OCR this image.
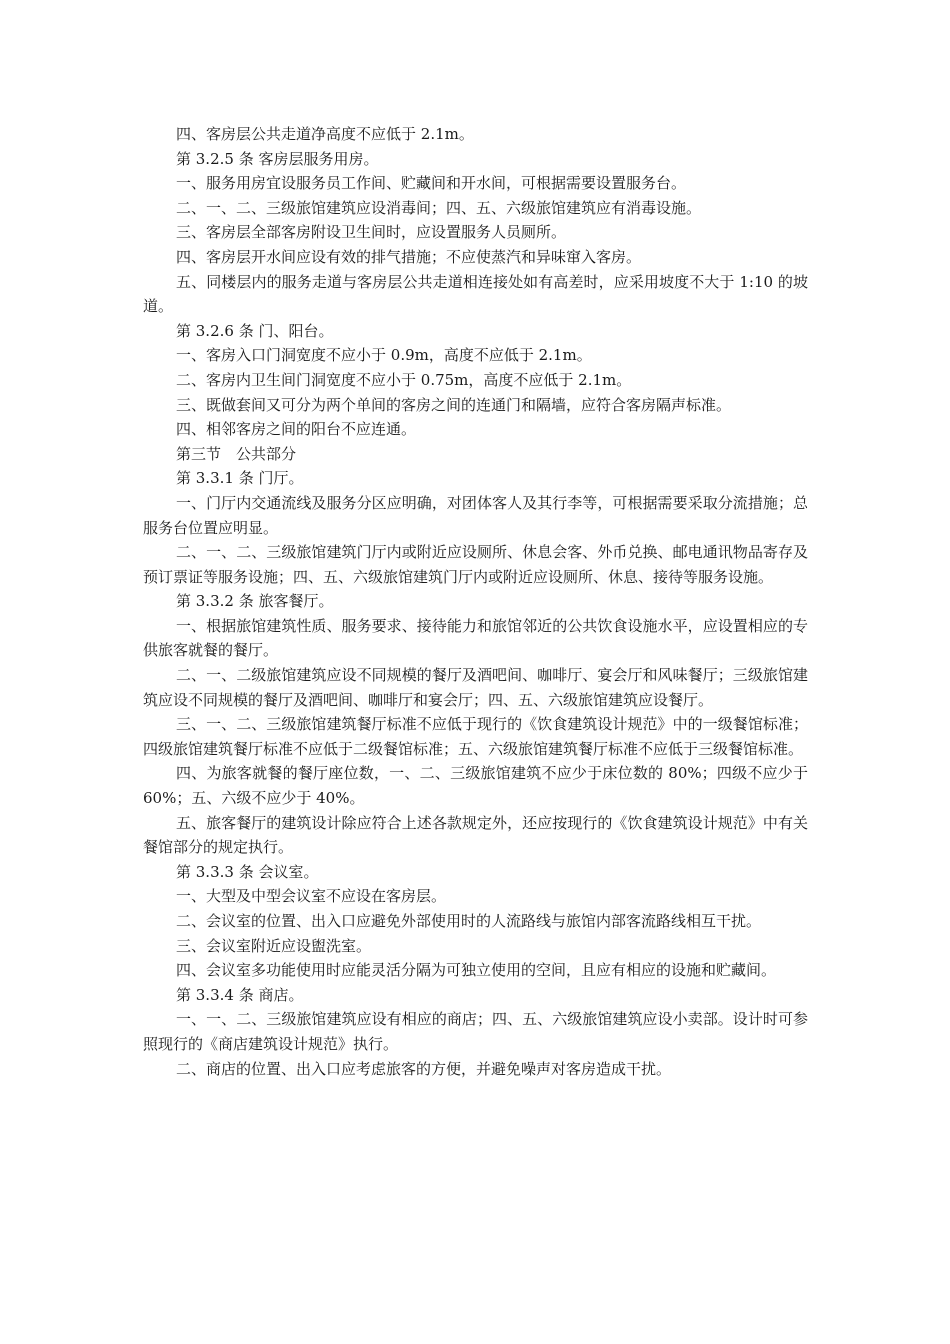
四、客房层公共走道净高度不应低于 2.1m。

第 3.2.5 条 客房层服务用房。

一、服务用房宜设服务员工作间、贮藏间和开水间，可根据需要设置服务台。

二、一、二、三级旅馆建筑应设消毒间；四、五、六级旅馆建筑应有消毒设施。

三、客房层全部客房附设卫生间时，应设置服务人员厕所。

四、客房层开水间应设有效的排气措施；不应使蒸汽和异味窜入客房。

五、同楼层内的服务走道与客房层公共走道相连接处如有高差时，应采用坡度不大于 1:10 的坡道。

第 3.2.6 条 门、阳台。

一、客房入口门洞宽度不应小于 0.9m，高度不应低于 2.1m。

二、客房内卫生间门洞宽度不应小于 0.75m，高度不应低于 2.1m。

三、既做套间又可分为两个单间的客房之间的连通门和隔墙，应符合客房隔声标准。

四、相邻客房之间的阳台不应连通。

第三节　公共部分

第 3.3.1 条 门厅。

一、门厅内交通流线及服务分区应明确，对团体客人及其行李等，可根据需要采取分流措施；总服务台位置应明显。

二、一、二、三级旅馆建筑门厅内或附近应设厕所、休息会客、外币兑换、邮电通讯物品寄存及预订票证等服务设施；四、五、六级旅馆建筑门厅内或附近应设厕所、休息、接待等服务设施。

第 3.3.2 条 旅客餐厅。

一、根据旅馆建筑性质、服务要求、接待能力和旅馆邻近的公共饮食设施水平，应设置相应的专供旅客就餐的餐厅。

二、一、二级旅馆建筑应设不同规模的餐厅及酒吧间、咖啡厅、宴会厅和风味餐厅；三级旅馆建筑应设不同规模的餐厅及酒吧间、咖啡厅和宴会厅；四、五、六级旅馆建筑应设餐厅。

三、一、二、三级旅馆建筑餐厅标准不应低于现行的《饮食建筑设计规范》中的一级餐馆标准；四级旅馆建筑餐厅标准不应低于二级餐馆标准；五、六级旅馆建筑餐厅标准不应低于三级餐馆标准。

四、为旅客就餐的餐厅座位数，一、二、三级旅馆建筑不应少于床位数的 80%；四级不应少于 60%；五、六级不应少于 40%。

五、旅客餐厅的建筑设计除应符合上述各款规定外，还应按现行的《饮食建筑设计规范》中有关餐馆部分的规定执行。

第 3.3.3 条 会议室。

一、大型及中型会议室不应设在客房层。

二、会议室的位置、出入口应避免外部使用时的人流路线与旅馆内部客流路线相互干扰。

三、会议室附近应设盥洗室。

四、会议室多功能使用时应能灵活分隔为可独立使用的空间，且应有相应的设施和贮藏间。

第 3.3.4 条 商店。

一、一、二、三级旅馆建筑应设有相应的商店；四、五、六级旅馆建筑应设小卖部。设计时可参照现行的《商店建筑设计规范》执行。

二、商店的位置、出入口应考虑旅客的方便，并避免噪声对客房造成干扰。
